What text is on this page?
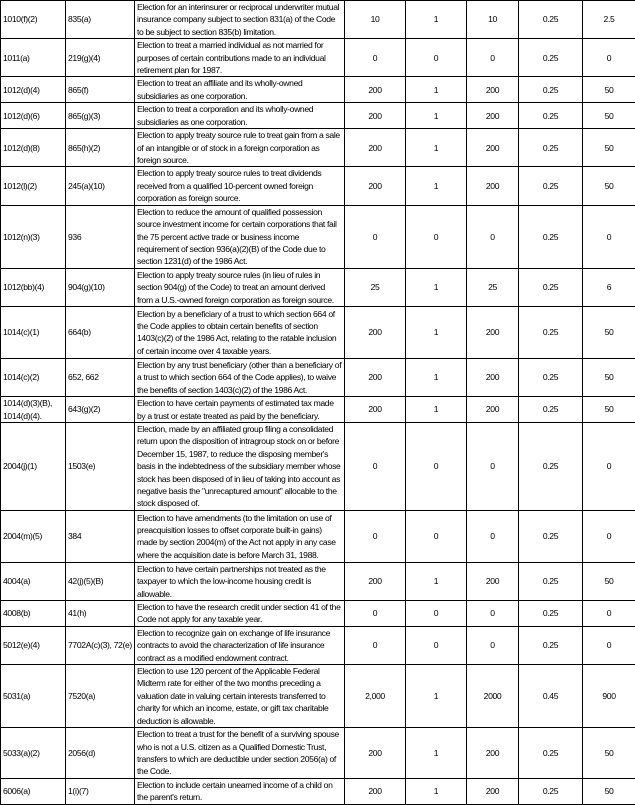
1010(f)(2)	835(a)	Election for an interinsurer or reciprocal underwriter mutual insurance company subject to section 831(a) of the Code to be subject to section 835(b) limitation.	10	1	10	0.25	2.5
1011(a)	219(g)(4)	Election to treat a married individual as not married for purposes of certain contributions made to an individual retirement plan for 1987.	0	0	0	0.25	0
1012(d)(4)	865(f)	Election to treat an affiliate and its wholly-owned subsidiaries as one corporation.	200	1	200	0.25	50
1012(d)(6)	865(g)(3)	Election to treat a corporation and its wholly-owned subsidiaries as one corporation.	200	1	200	0.25	50
1012(d)(8)	865(h)(2)	Election to apply treaty source rule to treat gain from a sale of an intangible or of stock in a foreign corporation as foreign source.	200	1	200	0.25	50
1012(l)(2)	245(a)(10)	Election to apply treaty source rules to treat dividends received from a qualified 10-percent owned foreign corporation as foreign source.	200	1	200	0.25	50
1012(n)(3)	936	Election to reduce the amount of qualified possession source investment income for certain corporations that fail the 75 percent active trade or business income requirement of section 936(a)(2)(B) of the Code due to section 1231(d) of the 1986 Act.	0	0	0	0.25	0
1012(bb)(4)	904(g)(10)	Election to apply treaty source rules (in lieu of rules in section 904(g) of the Code) to treat an amount derived from a U.S.-owned foreign corporation as foreign source.	25	1	25	0.25	6
1014(c)(1)	664(b)	Election by a beneficiary of a trust to which section 664 of the Code applies to obtain certain benefits of section 1403(c)(2) of the 1986 Act, relating to the ratable inclusion of certain income over 4 taxable years.	200	1	200	0.25	50
1014(c)(2)	652, 662	Election by any trust beneficiary (other than a beneficiary of a trust to which section 664 of the Code applies), to waive the benefits of section 1403(c)(2) of the 1986 Act.	200	1	200	0.25	50
1014(d)(3)(B), 1014(d)(4).	643(g)(2)	Election to have certain payments of estimated tax made by a trust or estate treated as paid by the beneficiary.	200	1	200	0.25	50
2004(j)(1)	1503(e)	Election, made by an affiliated group filing a consolidated return upon the disposition of intragroup stock on or before December 15, 1987, to reduce the disposing member's basis in the indebtedness of the subsidiary member whose stock has been disposed of in lieu of taking into account as negative basis the "unrecaptured amount" allocable to the stock disposed of.	0	0	0	0.25	0
2004(m)(5)	384	Election to have amendments (to the limitation on use of preacquisition losses to offset corporate built-in gains) made by section 2004(m) of the Act not apply in any case where the acquisition date is before March 31, 1988.	0	0	0	0.25	0
4004(a)	42(j)(5)(B)	Election to have certain partnerships not treated as the taxpayer to which the low-income housing credit is allowable.	200	1	200	0.25	50
4008(b)	41(h)	Election to have the research credit under section 41 of the Code not apply for any taxable year.	0	0	0	0.25	0
5012(e)(4)	7702A(c)(3), 72(e)	Election to recognize gain on exchange of life insurance contracts to avoid the characterization of life insurance contract as a modified endowment contract.	0	0	0	0.25	0
5031(a)	7520(a)	Election to use 120 percent of the Applicable Federal Midterm rate for either of the two months preceding a valuation date in valuing certain interests transferred to charity for which an income, estate, or gift tax charitable deduction is allowable.	2,000	1	2000	0.45	900
5033(a)(2)	2056(d)	Election to treat a trust for the benefit of a surviving spouse who is not a U.S. citizen as a Qualified Domestic Trust, transfers to which are deductible under section 2056(a) of the Code.	200	1	200	0.25	50
6006(a)	1(i)(7)	Election to include certain unearned income of a child on the parent's return.	200	1	200	0.25	50
